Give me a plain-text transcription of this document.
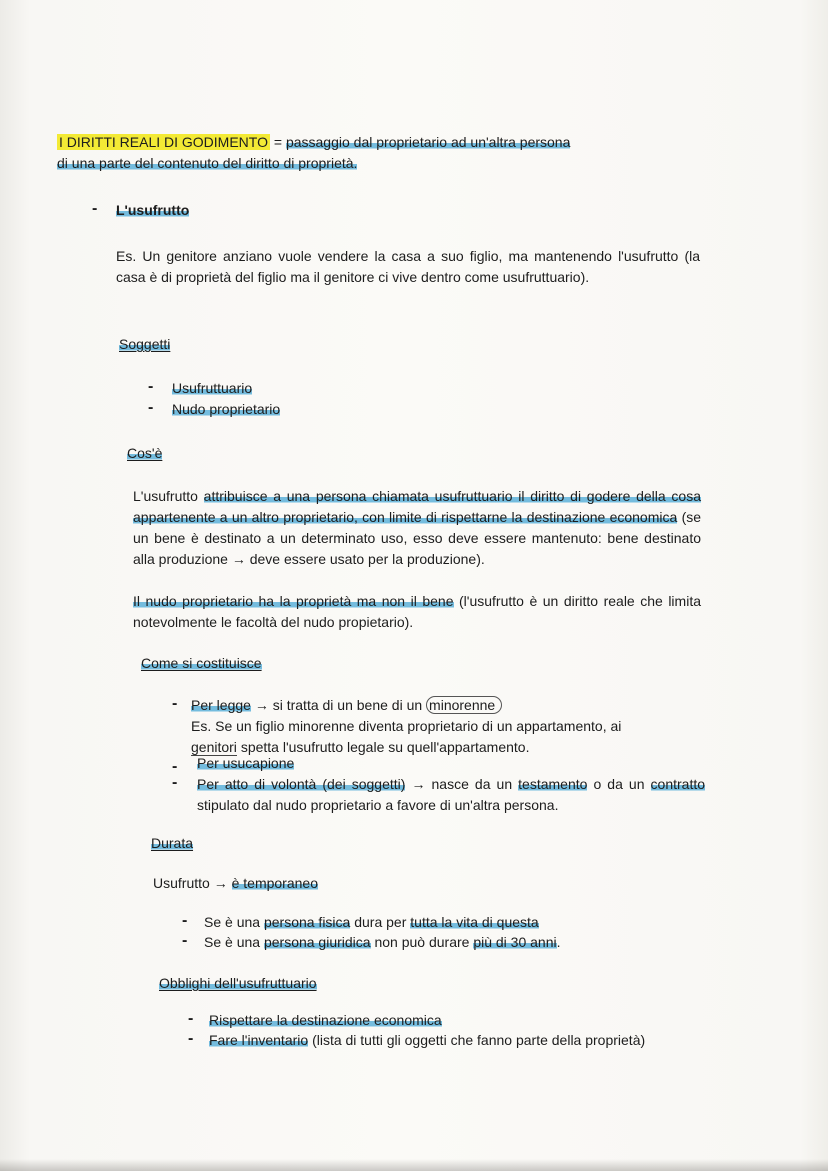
I DIRITTI REALI DI GODIMENTO = passaggio dal proprietario ad un'altra persona
di una parte del contenuto del diritto di proprietà.
- L'usufrutto
Es. Un genitore anziano vuole vendere la casa a suo figlio, ma mantenendo l'usufrutto (la casa è di proprietà del figlio ma il genitore ci vive dentro come usufruttuario).
Soggetti
- Usufruttuario
- Nudo proprietario
Cos'è
L'usufrutto attribuisce a una persona chiamata usufruttuario il diritto di godere della cosa appartenente a un altro proprietario, con limite di rispettarne la destinazione economica (se un bene è destinato a un determinato uso, esso deve essere mantenuto: bene destinato alla produzione → deve essere usato per la produzione).
Il nudo proprietario ha la proprietà ma non il bene (l'usufrutto è un diritto reale che limita notevolmente le facoltà del nudo propietario).
Come si costituisce
- Per legge → si tratta di un bene di un minorenne
Es. Se un figlio minorenne diventa proprietario di un appartamento, ai
genitori spetta l'usufrutto legale su quell'appartamento.
- Per usucapione
- Per atto di volontà (dei soggetti) → nasce da un testamento o da un contratto stipulato dal nudo proprietario a favore di un'altra persona.
Durata
Usufrutto → è temporaneo
- Se è una persona fisica dura per tutta la vita di questa
- Se è una persona giuridica non può durare più di 30 anni.
Obblighi dell'usufruttuario
- Rispettare la destinazione economica
- Fare l'inventario (lista di tutti gli oggetti che fanno parte della proprietà)
